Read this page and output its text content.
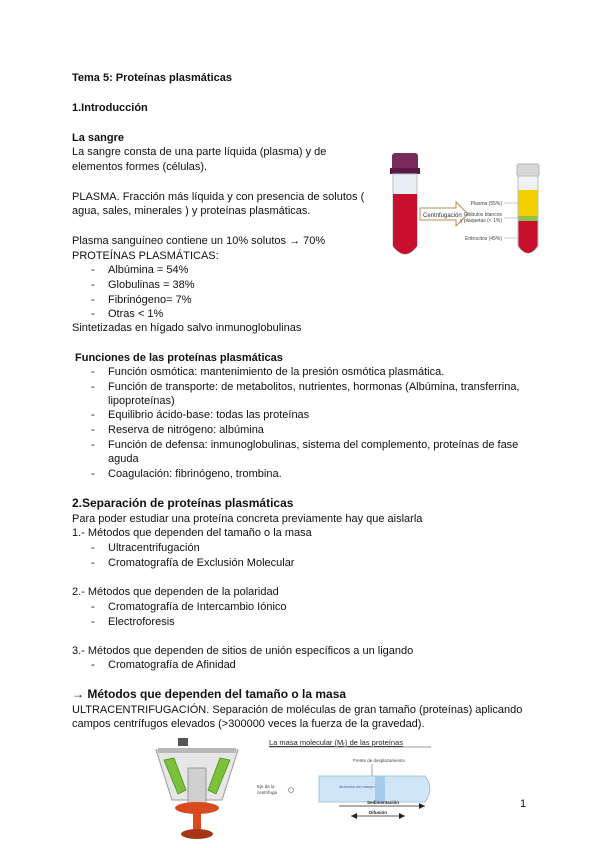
Tema 5: Proteínas plasmáticas
1.Introducción
La sangre
La sangre consta de una parte líquida (plasma) y de
elementos formes (células).
PLASMA. Fracción más líquida y con presencia de solutos (
agua, sales, minerales ) y proteínas plasmáticas.
Plasma sanguíneo contiene un 10% solutos → 70%
PROTEÍNAS PLASMÁTICAS:
- Albúmina = 54%
- Globulinas = 38%
- Fibrinógeno= 7%
- Otras < 1%
Sintetizadas en hígado salvo inmunoglobulinas
Funciones de las proteínas plasmáticas
- Función osmótica: mantenimiento de la presión osmótica plasmática.
- Función de transporte: de metabolitos, nutrientes, hormonas (Albúmina, transferrina,
lipoproteínas)
- Equilibrio ácido-base: todas las proteínas
- Reserva de nitrógeno: albúmina
- Función de defensa: inmunoglobulinas, sistema del complemento, proteínas de fase
aguda
- Coagulación: fibrinógeno, trombina.
2.Separación de proteínas plasmáticas
Para poder estudiar una proteína concreta previamente hay que aislarla
1.- Métodos que dependen del tamaño o la masa
- Ultracentrifugación
- Cromatografía de Exclusión Molecular
2.- Métodos que dependen de la polaridad
- Cromatografía de Intercambio Iónico
- Electroforesis
3.- Métodos que dependen de sitios de unión específicos a un ligando
- Cromatografía de Afinidad
→ Métodos que dependen del tamaño o la masa
ULTRACENTRIFUGACIÓN. Separación de moléculas de gran tamaño (proteínas) aplicando
campos centrífugos elevados (>300000 veces la fuerza de la gravedad).
1
Centrifugación
Plasma (55%)
Glóbulos blancos
y plaquetas (< 1%)
Eritrocitos (45%)
La masa molecular (Mᵣ) de las proteínas
Frente de desplazamiento
Eje de la
centrífuga
dirección del campo
Sedimentación
Difusión
